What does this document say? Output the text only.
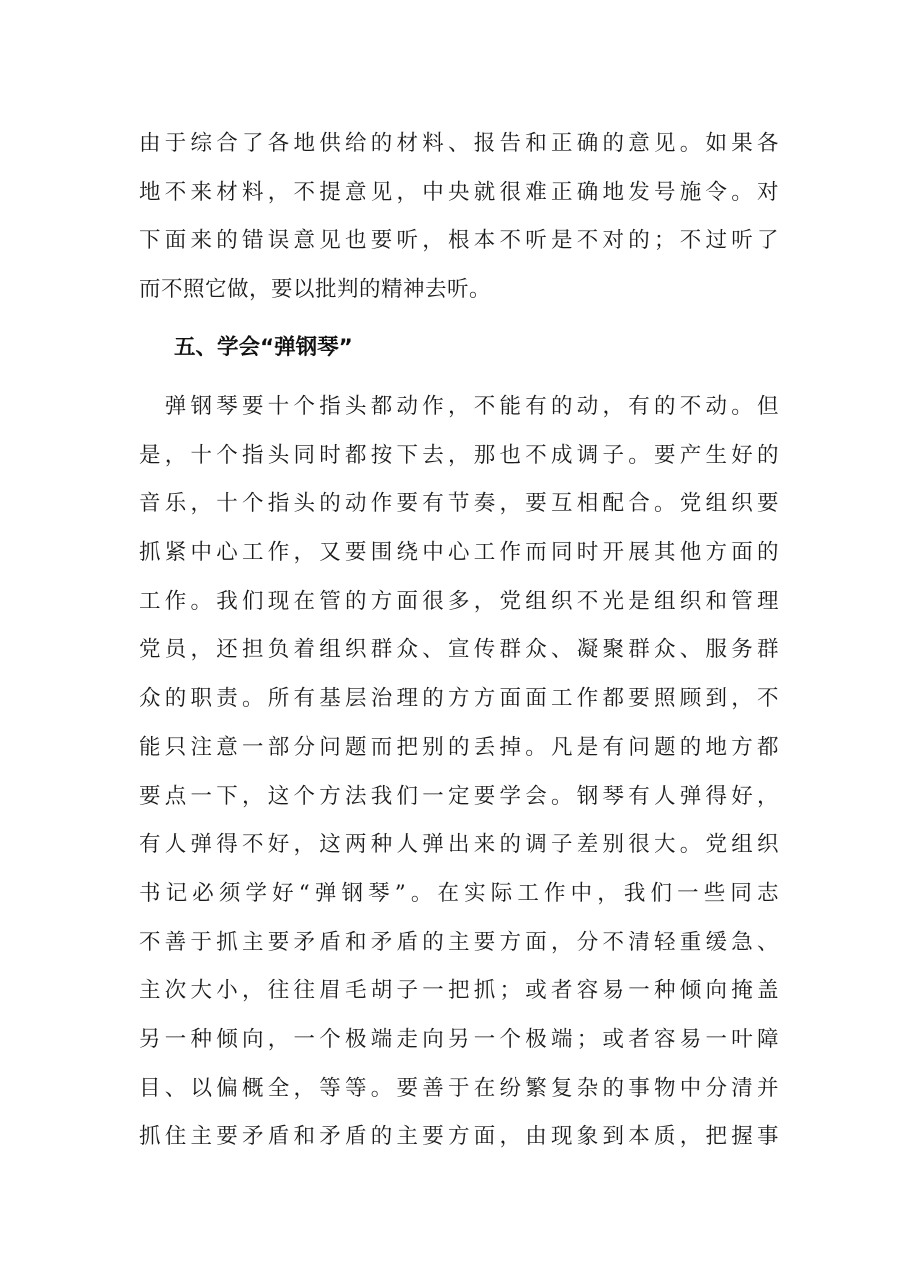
由于综合了各地供给的材料、报告和正确的意见。如果各
地不来材料，不提意见，中央就很难正确地发号施令。对
下面来的错误意见也要听，根本不听是不对的；不过听了
而不照它做，要以批判的精神去听。
五、学会“弹钢琴”
　弹钢琴要十个指头都动作，不能有的动，有的不动。但
是，十个指头同时都按下去，那也不成调子。要产生好的
音乐，十个指头的动作要有节奏，要互相配合。党组织要
抓紧中心工作，又要围绕中心工作而同时开展其他方面的
工作。我们现在管的方面很多，党组织不光是组织和管理
党员，还担负着组织群众、宣传群众、凝聚群众、服务群
众的职责。所有基层治理的方方面面工作都要照顾到，不
能只注意一部分问题而把别的丢掉。凡是有问题的地方都
要点一下，这个方法我们一定要学会。钢琴有人弹得好，
有人弹得不好，这两种人弹出来的调子差别很大。党组织
书记必须学好“弹钢琴”。在实际工作中，我们一些同志
不善于抓主要矛盾和矛盾的主要方面，分不清轻重缓急、
主次大小，往往眉毛胡子一把抓；或者容易一种倾向掩盖
另一种倾向，一个极端走向另一个极端；或者容易一叶障
目、以偏概全，等等。要善于在纷繁复杂的事物中分清并
抓住主要矛盾和矛盾的主要方面，由现象到本质，把握事
